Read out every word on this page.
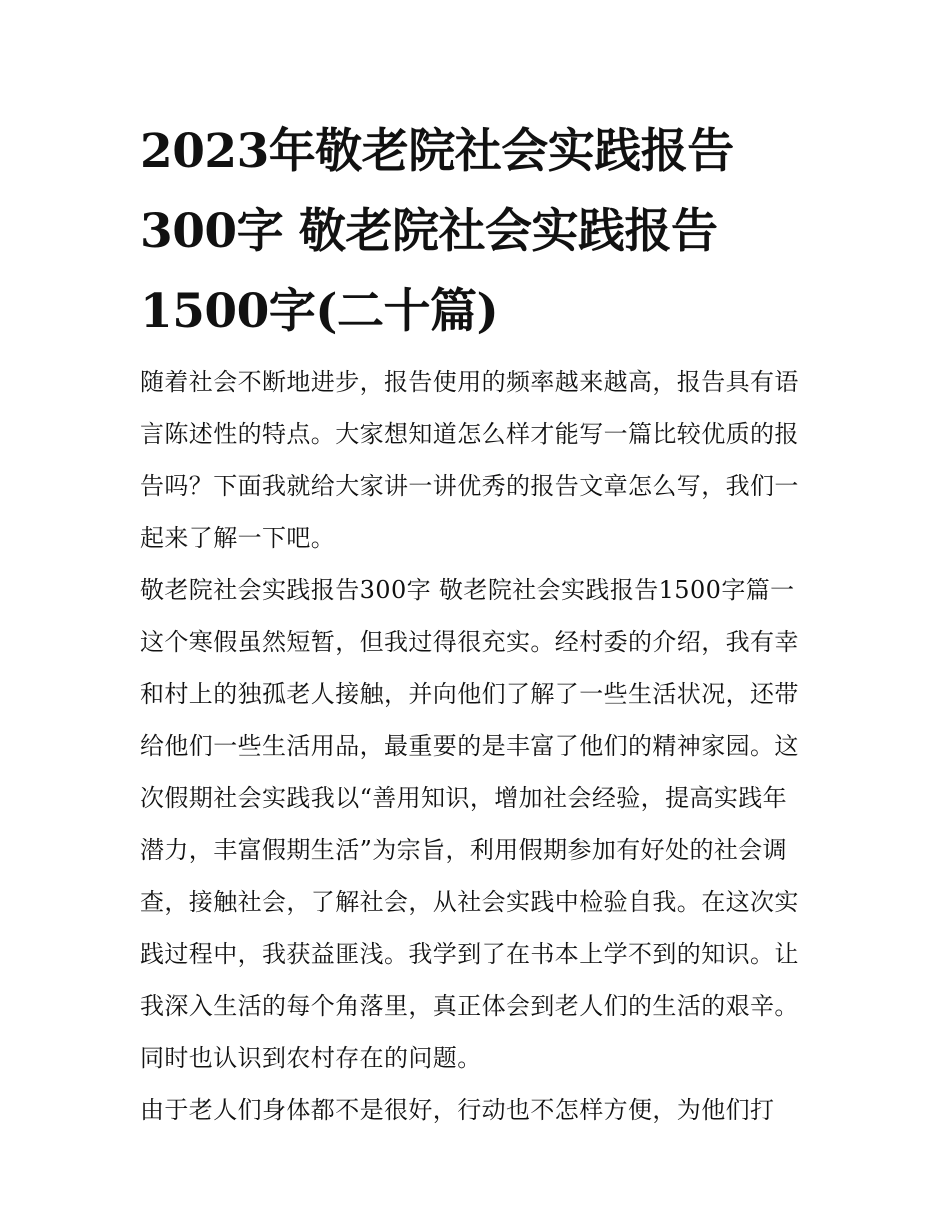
2023年敬老院社会实践报告
300字 敬老院社会实践报告
1500字(二十篇)

随着社会不断地进步，报告使用的频率越来越高，报告具有语
言陈述性的特点。大家想知道怎么样才能写一篇比较优质的报
告吗？下面我就给大家讲一讲优秀的报告文章怎么写，我们一
起来了解一下吧。

敬老院社会实践报告300字 敬老院社会实践报告1500字篇一

这个寒假虽然短暂，但我过得很充实。经村委的介绍，我有幸
和村上的独孤老人接触，并向他们了解了一些生活状况，还带
给他们一些生活用品，最重要的是丰富了他们的精神家园。这
次假期社会实践我以“善用知识，增加社会经验，提高实践年
潜力，丰富假期生活”为宗旨，利用假期参加有好处的社会调
查，接触社会，了解社会，从社会实践中检验自我。在这次实
践过程中，我获益匪浅。我学到了在书本上学不到的知识。让
我深入生活的每个角落里，真正体会到老人们的生活的艰辛。
同时也认识到农村存在的问题。

由于老人们身体都不是很好，行动也不怎样方便，为他们打
